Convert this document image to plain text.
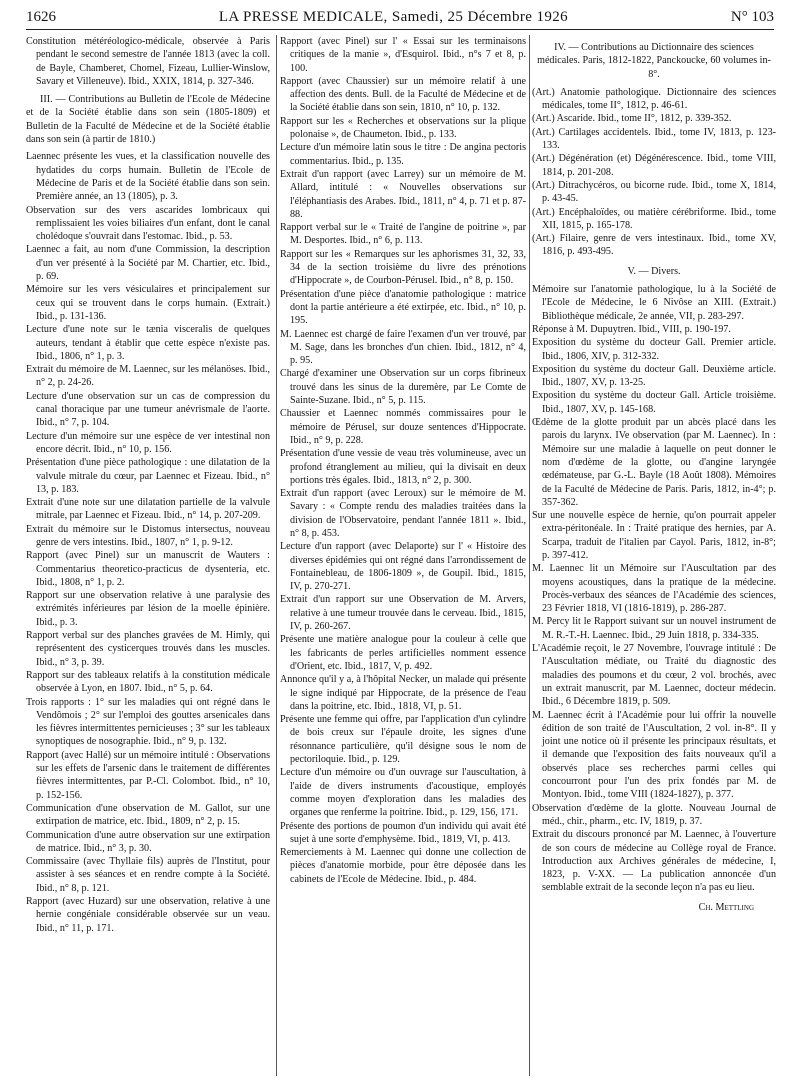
1626	LA PRESSE MEDICALE, Samedi, 25 Décembre 1926	N° 103

Constitution météréologico-médicale, observée à Paris pendant le second semestre de l'année 1813 (avec la coll. de Bayle, Chamberet, Chomel, Fizeau, Lullier-Winslow, Savary et Villeneuve). Ibid., XXIX, 1814, p. 327-346.

III. — Contributions au Bulletin de l'Ecole de Médecine et de la Société établie dans son sein (1805-1809) et Bulletin de la Faculté de Médecine et de la Société établie dans son sein (à partir de 1810.)

Laennec présente les vues, et la classification nouvelle des hydatides du corps humain. Bulletin de l'Ecole de Médecine de Paris et de la Société établie dans son sein. Première année, an 13 (1805), p. 3.

Observation sur des vers ascarides lombricaux qui remplissaient les voies biliaires d'un enfant, dont le canal cholédoque s'ouvrait dans l'estomac. Ibid., p. 53.

Laennec a fait, au nom d'une Commission, la description d'un ver présenté à la Société par M. Chartier, etc. Ibid., p. 69.

Mémoire sur les vers vésiculaires et principalement sur ceux qui se trouvent dans le corps humain. (Extrait.) Ibid., p. 131-136.

Lecture d'une note sur le tænia visceralis de quelques auteurs, tendant à établir que cette espèce n'existe pas. Ibid., 1806, n° 1, p. 3.

Extrait du mémoire de M. Laennec, sur les mélanöses. Ibid., n° 2, p. 24-26.

Lecture d'une observation sur un cas de compression du canal thoracique par une tumeur anévrismale de l'aorte. Ibid., n° 7, p. 104.

Lecture d'un mémoire sur une espèce de ver intestinal non encore décrit. Ibid., n° 10, p. 156.

Présentation d'une pièce pathologique : une dilatation de la valvule mitrale du cœur, par Laennec et Fizeau. Ibid., n° 13, p. 183.

Extrait d'une note sur une dilatation partielle de la valvule mitrale, par Laennec et Fizeau. Ibid., n° 14, p. 207-209.

Extrait du mémoire sur le Distomus intersectus, nouveau genre de vers intestins. Ibid., 1807, n° 1, p. 9-12.

Rapport (avec Pinel) sur un manuscrit de Wauters : Commentarius theoretico-practicus de dysenteria, etc. Ibid., 1808, n° 1, p. 2.

Rapport sur une observation relative à une paralysie des extrémités inférieures par lésion de la moelle épinière. Ibid., p. 3.

Rapport verbal sur des planches gravées de M. Himly, qui représentent des cysticerques trouvés dans les muscles. Ibid., n° 3, p. 39.

Rapport sur des tableaux relatifs à la constitution médicale observée à Lyon, en 1807. Ibid., n° 5, p. 64.

Trois rapports : 1° sur les maladies qui ont régné dans le Vendômois ; 2° sur l'emploi des gouttes arsenicales dans les fièvres intermittentes pernicieuses ; 3° sur les tableaux synoptiques de nosographie. Ibid., n° 9, p. 132.

Rapport (avec Hallé) sur un mémoire intitulé : Observations sur les effets de l'arsenic dans le traitement de différentes fièvres intermittentes, par P.-Cl. Colombot. Ibid., n° 10, p. 152-156.

Communication d'une observation de M. Gallot, sur une extirpation de matrice, etc. Ibid., 1809, n° 2, p. 15.

Communication d'une autre observation sur une extirpation de matrice. Ibid., n° 3, p. 30.

Commissaire (avec Thyllaie fils) auprès de l'Institut, pour assister à ses séances et en rendre compte à la Société. Ibid., n° 8, p. 121.

Rapport (avec Huzard) sur une observation, relative à une hernie congéniale considérable observée sur un veau. Ibid., n° 11, p. 171.

Rapport (avec Pinel) sur l' « Essai sur les terminaisons critiques de la manie », d'Esquirol. Ibid., n°s 7 et 8, p. 100.

Rapport (avec Chaussier) sur un mémoire relatif à une affection des dents. Bull. de la Faculté de Médecine et de la Société établie dans son sein, 1810, n° 10, p. 132.

Rapport sur les « Recherches et observations sur la plique polonaise », de Chaumeton. Ibid., p. 133.

Lecture d'un mémoire latin sous le titre : De angina pectoris commentarius. Ibid., p. 135.

Extrait d'un rapport (avec Larrey) sur un mémoire de M. Allard, intitulé : « Nouvelles observations sur l'éléphantiasis des Arabes. Ibid., 1811, n° 4, p. 71 et p. 87-88.

Rapport verbal sur le « Traité de l'angine de poitrine », par M. Desportes. Ibid., n° 6, p. 113.

Rapport sur les « Remarques sur les aphorismes 31, 32, 33, 34 de la section troisième du livre des prénotions d'Hippocrate », de Courbon-Pérusel. Ibid., n° 8, p. 150.

Présentation d'une pièce d'anatomie pathologique : matrice dont la partie antérieure a été extirpée, etc. Ibid., n° 10, p. 195.

M. Laennec est chargé de faire l'examen d'un ver trouvé, par M. Sage, dans les bronches d'un chien. Ibid., 1812, n° 4, p. 95.

Chargé d'examiner une Observation sur un corps fibrineux trouvé dans les sinus de la duremère, par Le Comte de Sainte-Suzane. Ibid., n° 5, p. 115.

Chaussier et Laennec nommés commissaires pour le mémoire de Pérusel, sur douze sentences d'Hippocrate. Ibid., n° 9, p. 228.

Présentation d'une vessie de veau très volumineuse, avec un profond étranglement au milieu, qui la divisait en deux portions très égales. Ibid., 1813, n° 2, p. 300.

Extrait d'un rapport (avec Leroux) sur le mémoire de M. Savary : « Compte rendu des maladies traitées dans la division de l'Observatoire, pendant l'année 1811 ». Ibid., n° 8, p. 453.

Lecture d'un rapport (avec Delaporte) sur l' « Histoire des diverses épidémies qui ont régné dans l'arrondissement de Fontainebleau, de 1806-1809 », de Goupil. Ibid., 1815, IV, p. 270-271.

Extrait d'un rapport sur une Observation de M. Arvers, relative à une tumeur trouvée dans le cerveau. Ibid., 1815, IV, p. 260-267.

Présente une matière analogue pour la couleur à celle que les fabricants de perles artificielles nomment essence d'Orient, etc. Ibid., 1817, V, p. 492.

Annonce qu'il y a, à l'hôpital Necker, un malade qui présente le signe indiqué par Hippocrate, de la présence de l'eau dans la poitrine, etc. Ibid., 1818, VI, p. 51.

Présente une femme qui offre, par l'application d'un cylindre de bois creux sur l'épaule droite, les signes d'une résonnance particulière, qu'il désigne sous le nom de pectoriloquie. Ibid., p. 129.

Lecture d'un mémoire ou d'un ouvrage sur l'auscultation, à l'aide de divers instruments d'acoustique, employés comme moyen d'exploration dans les maladies des organes que renferme la poitrine. Ibid., p. 129, 156, 171.

Présente des portions de poumon d'un individu qui avait été sujet à une sorte d'emphysème. Ibid., 1819, VI, p. 413.

Remerciements à M. Laennec qui donne une collection de pièces d'anatomie morbide, pour être déposée dans les cabinets de l'Ecole de Médecine. Ibid., p. 484.

IV. — Contributions au Dictionnaire des sciences médicales. Paris, 1812-1822, Panckoucke, 60 volumes in-8°.

(Art.) Anatomie pathologique. Dictionnaire des sciences médicales, tome II°, 1812, p. 46-61.

(Art.) Ascaride. Ibid., tome II°, 1812, p. 339-352.

(Art.) Cartilages accidentels. Ibid., tome IV, 1813, p. 123-133.

(Art.) Dégénération (et) Dégénérescence. Ibid., tome VIII, 1814, p. 201-208.

(Art.) Ditrachycéros, ou bicorne rude. Ibid., tome X, 1814, p. 43-45.

(Art.) Encéphaloïdes, ou matière cérébriforme. Ibid., tome XII, 1815, p. 165-178.

(Art.) Filaire, genre de vers intestinaux. Ibid., tome XV, 1816, p. 493-495.

V. — Divers.

Mémoire sur l'anatomie pathologique, lu à la Société de l'Ecole de Médecine, le 6 Nivôse an XIII. (Extrait.) Bibliothèque médicale, 2e année, VII, p. 283-297.

Réponse à M. Dupuytren. Ibid., VIII, p. 190-197.

Exposition du système du docteur Gall. Premier article. Ibid., 1806, XIV, p. 312-332.

Exposition du système du docteur Gall. Deuxième article. Ibid., 1807, XV, p. 13-25.

Exposition du système du docteur Gall. Article troisième. Ibid., 1807, XV, p. 145-168.

Œdème de la glotte produit par un abcès placé dans les parois du larynx. IVe observation (par M. Laennec). In : Mémoire sur une maladie à laquelle on peut donner le nom d'œdème de la glotte, ou d'angine laryngée œdémateuse, par G.-L. Bayle (18 Août 1808). Mémoires de la Faculté de Médecine de Paris. Paris, 1812, in-4°; p. 357-362.

Sur une nouvelle espèce de hernie, qu'on pourrait appeler extra-péritonéale. In : Traité pratique des hernies, par A. Scarpa, traduit de l'italien par Cayol. Paris, 1812, in-8°; p. 397-412.

M. Laennec lit un Mémoire sur l'Auscultation par des moyens acoustiques, dans la pratique de la médecine. Procès-verbaux des séances de l'Académie des sciences, 23 Février 1818, VI (1816-1819), p. 286-287.

M. Percy lit le Rapport suivant sur un nouvel instrument de M. R.-T.-H. Laennec. Ibid., 29 Juin 1818, p. 334-335.

L'Académie reçoit, le 27 Novembre, l'ouvrage intitulé : De l'Auscultation médiate, ou Traité du diagnostic des maladies des poumons et du cœur, 2 vol. brochés, avec un extrait manuscrit, par M. Laennec, docteur médecin. Ibid., 6 Décembre 1819, p. 509.

M. Laennec écrit à l'Académie pour lui offrir la nouvelle édition de son traité de l'Auscultation, 2 vol. in-8°. Il y joint une notice où il présente les principaux résultats, et il demande que l'exposition des faits nouveaux qu'il a observés place ses recherches parmi celles qui concourront pour l'un des prix fondés par M. de Montyon. Ibid., tome VIII (1824-1827), p. 377.

Observation d'œdème de la glotte. Nouveau Journal de méd., chir., pharm., etc. IV, 1819, p. 37.

Extrait du discours prononcé par M. Laennec, à l'ouverture de son cours de médecine au Collège royal de France. Introduction aux Archives générales de médecine, I, 1823, p. V-XX. — La publication annoncée d'un semblable extrait de la seconde leçon n'a pas eu lieu.

Ch. Mettling
